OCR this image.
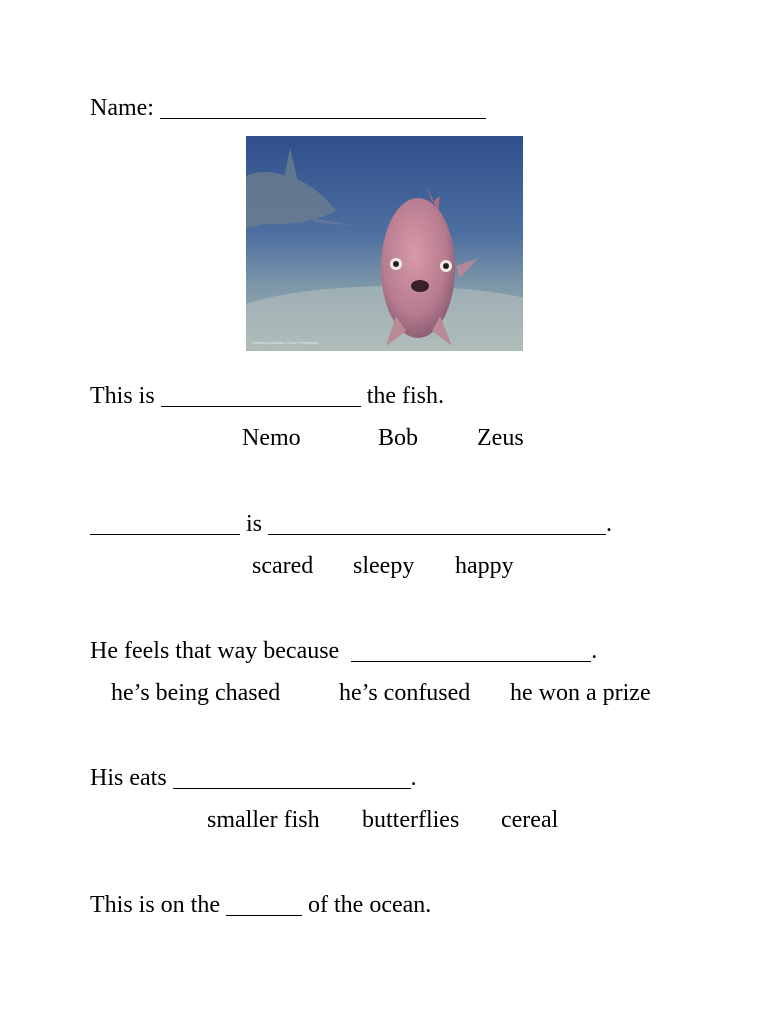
Name:
Courtesy of Mauricio / Ocean Photography
This is	the fish.
Nemo	Bob Zeus
is	.
scared sleepy happy
He feels that way because	.
he’s being chased he’s confused he won a prize
His eats	.
smaller fish butterflies cereal
This is on the	of the ocean.
